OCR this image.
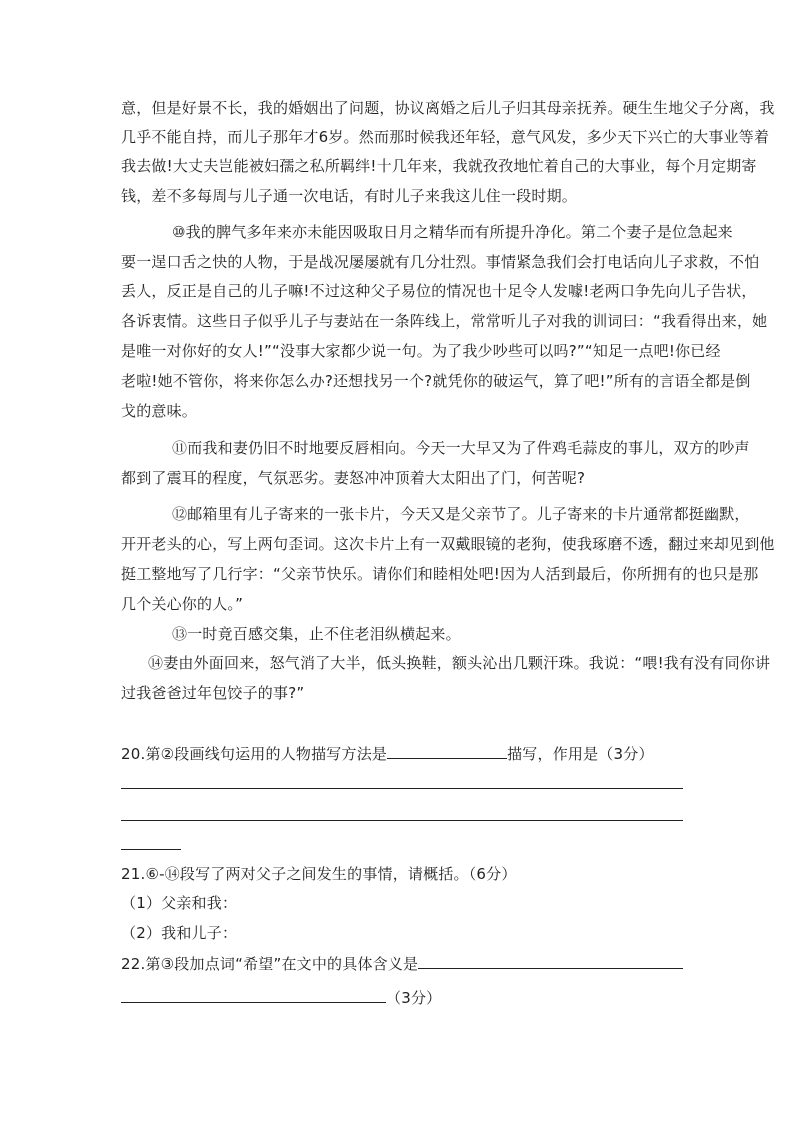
意，但是好景不长，我的婚姻出了问题，协议离婚之后儿子归其母亲抚养。硬生生地父子分离，我
几乎不能自持，而儿子那年才6岁。然而那时候我还年轻，意气风发，多少天下兴亡的大事业等着
我去做!大丈夫岂能被妇孺之私所羁绊!十几年来，我就孜孜地忙着自己的大事业，每个月定期寄
钱，差不多每周与儿子通一次电话，有时儿子来我这儿住一段时期。
⑩我的脾气多年来亦未能因吸取日月之精华而有所提升净化。第二个妻子是位急起来
要一逞口舌之快的人物，于是战况屡屡就有几分壮烈。事情紧急我们会打电话向儿子求救，不怕
丢人，反正是自己的儿子嘛!不过这种父子易位的情况也十足令人发噱!老两口争先向儿子告状，
各诉衷情。这些日子似乎儿子与妻站在一条阵线上，常常听儿子对我的训词曰：“我看得出来，她
是唯一对你好的女人!”“没事大家都少说一句。为了我少吵些可以吗?”“知足一点吧!你已经
老啦!她不管你，将来你怎么办?还想找另一个?就凭你的破运气，算了吧!”所有的言语全都是倒
戈的意味。
⑪而我和妻仍旧不时地要反唇相向。今天一大早又为了件鸡毛蒜皮的事儿，双方的吵声
都到了震耳的程度，气氛恶劣。妻怒冲冲顶着大太阳出了门，何苦呢?
⑫邮箱里有儿子寄来的一张卡片，今天又是父亲节了。儿子寄来的卡片通常都挺幽默，
开开老头的心，写上两句歪词。这次卡片上有一双戴眼镜的老狗，使我琢磨不透，翻过来却见到他
挺工整地写了几行字：“父亲节快乐。请你们和睦相处吧!因为人活到最后，你所拥有的也只是那
几个关心你的人。”
⑬一时竟百感交集，止不住老泪纵横起来。
⑭妻由外面回来，怒气消了大半，低头换鞋，额头沁出几颗汗珠。我说：“喂!我有没有同你讲
过我爸爸过年包饺子的事?”
20.第②段画线句运用的人物描写方法是	描写，作用是（3分）
21.⑥-⑭段写了两对父子之间发生的事情，请概括。（6分）
（1）父亲和我：
（2）我和儿子：
22.第③段加点词“希望”在文中的具体含义是
（3分）
